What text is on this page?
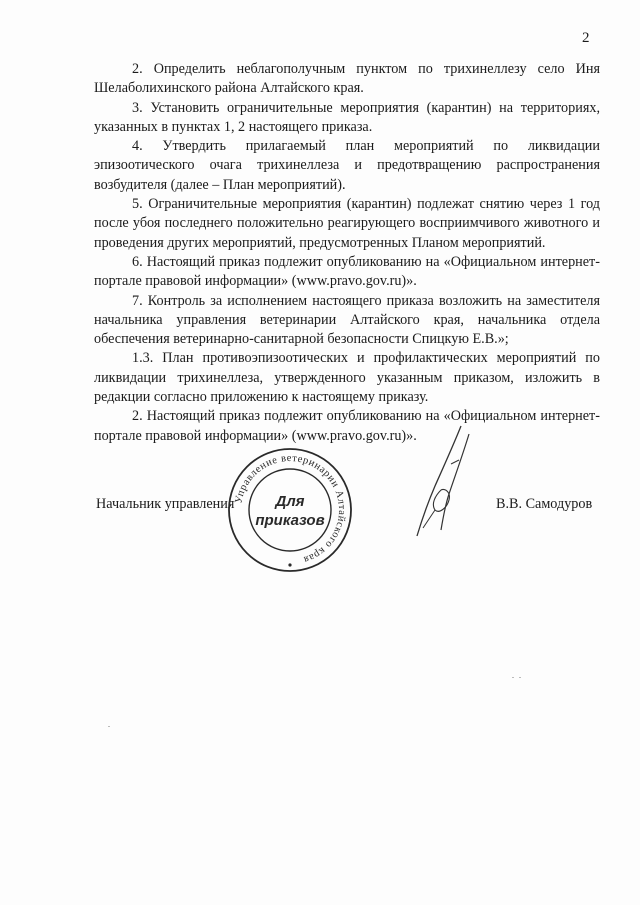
2

2. Определить неблагополучным пунктом по трихинеллезу село Иня Шелаболихинского района Алтайского края.

3. Установить ограничительные мероприятия (карантин) на территориях, указанных в пунктах 1, 2 настоящего приказа.

4. Утвердить прилагаемый план мероприятий по ликвидации эпизоотического очага трихинеллеза и предотвращению распространения возбудителя (далее – План мероприятий).

5. Ограничительные мероприятия (карантин) подлежат снятию через 1 год после убоя последнего положительно реагирующего восприимчивого животного и проведения других мероприятий, предусмотренных Планом мероприятий.

6. Настоящий приказ подлежит опубликованию на «Официальном интернет-портале правовой информации» (www.pravo.gov.ru)».

7. Контроль за исполнением настоящего приказа возложить на заместителя начальника управления ветеринарии Алтайского края, начальника отдела обеспечения ветеринарно-санитарной безопасности Спицкую Е.В.»;

1.3. План противоэпизоотических и профилактических мероприятий по ликвидации трихинеллеза, утвержденного указанным приказом, изложить в редакции согласно приложению к настоящему приказу.

2. Настоящий приказ подлежит опубликованию на «Официальном интернет-портале правовой информации» (www.pravo.gov.ru)».

Начальник управления	В.В. Самодуров
Управление ветеринарии Алтайского края
Для
приказов
